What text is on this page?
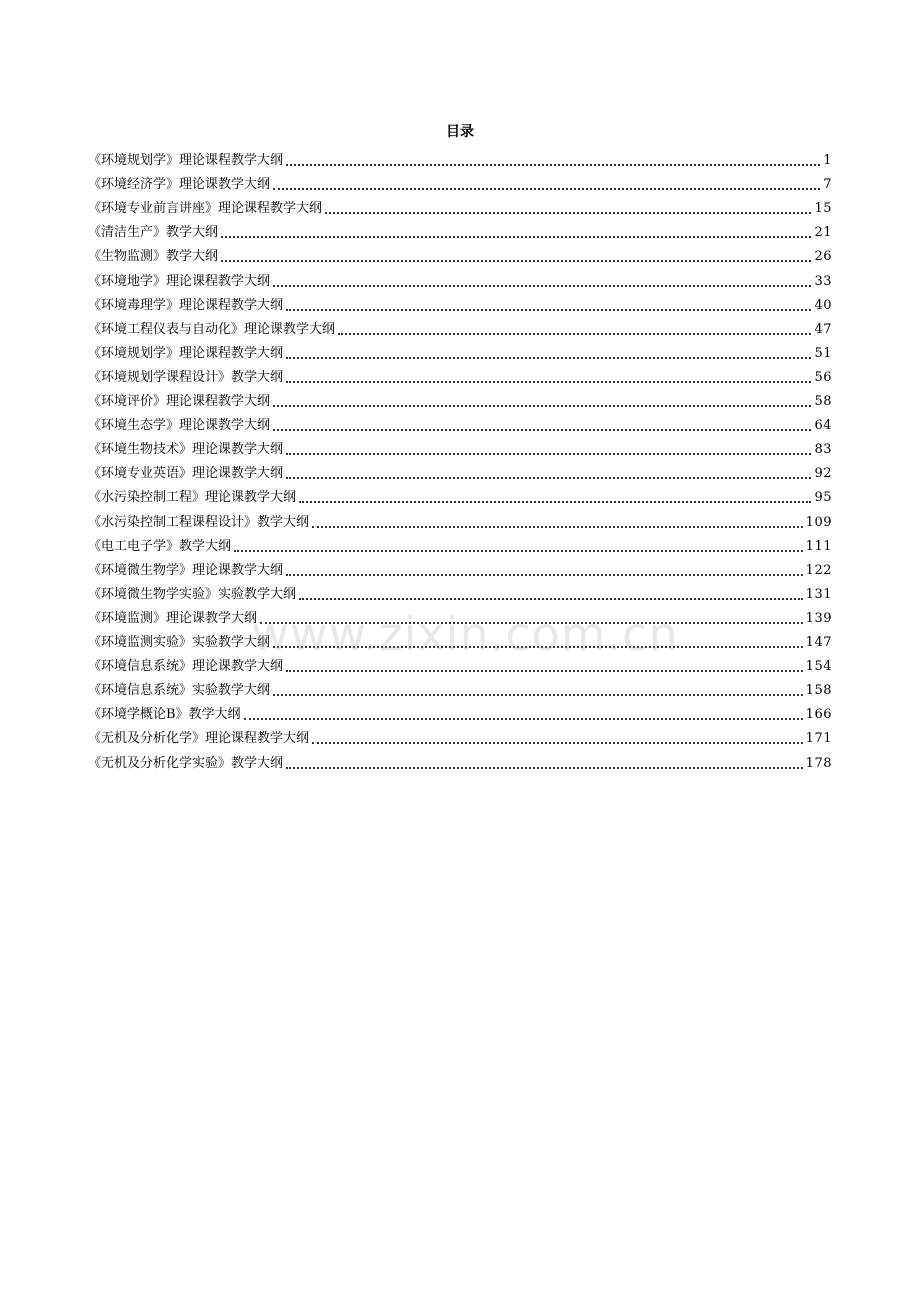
目录
《环境规划学》理论课程教学大纲	1
《环境经济学》理论课教学大纲	7
《环境专业前言讲座》理论课程教学大纲	15
《清洁生产》教学大纲	21
《生物监测》教学大纲	26
《环境地学》理论课程教学大纲	33
《环境毒理学》理论课程教学大纲	40
《环境工程仪表与自动化》理论课教学大纲	47
《环境规划学》理论课程教学大纲	51
《环境规划学课程设计》教学大纲	56
《环境评价》理论课程教学大纲	58
《环境生态学》理论课教学大纲	64
《环境生物技术》理论课教学大纲	83
《环境专业英语》理论课教学大纲	92
《水污染控制工程》理论课教学大纲	95
《水污染控制工程课程设计》教学大纲	109
《电工电子学》教学大纲	111
《环境微生物学》理论课教学大纲	122
《环境微生物学实验》实验教学大纲	131
《环境监测》理论课教学大纲	139
《环境监测实验》实验教学大纲	147
《环境信息系统》理论课教学大纲	154
《环境信息系统》实验教学大纲	158
《环境学概论B》教学大纲	166
《无机及分析化学》理论课程教学大纲	171
《无机及分析化学实验》教学大纲	178
www.zixin.com.cn
